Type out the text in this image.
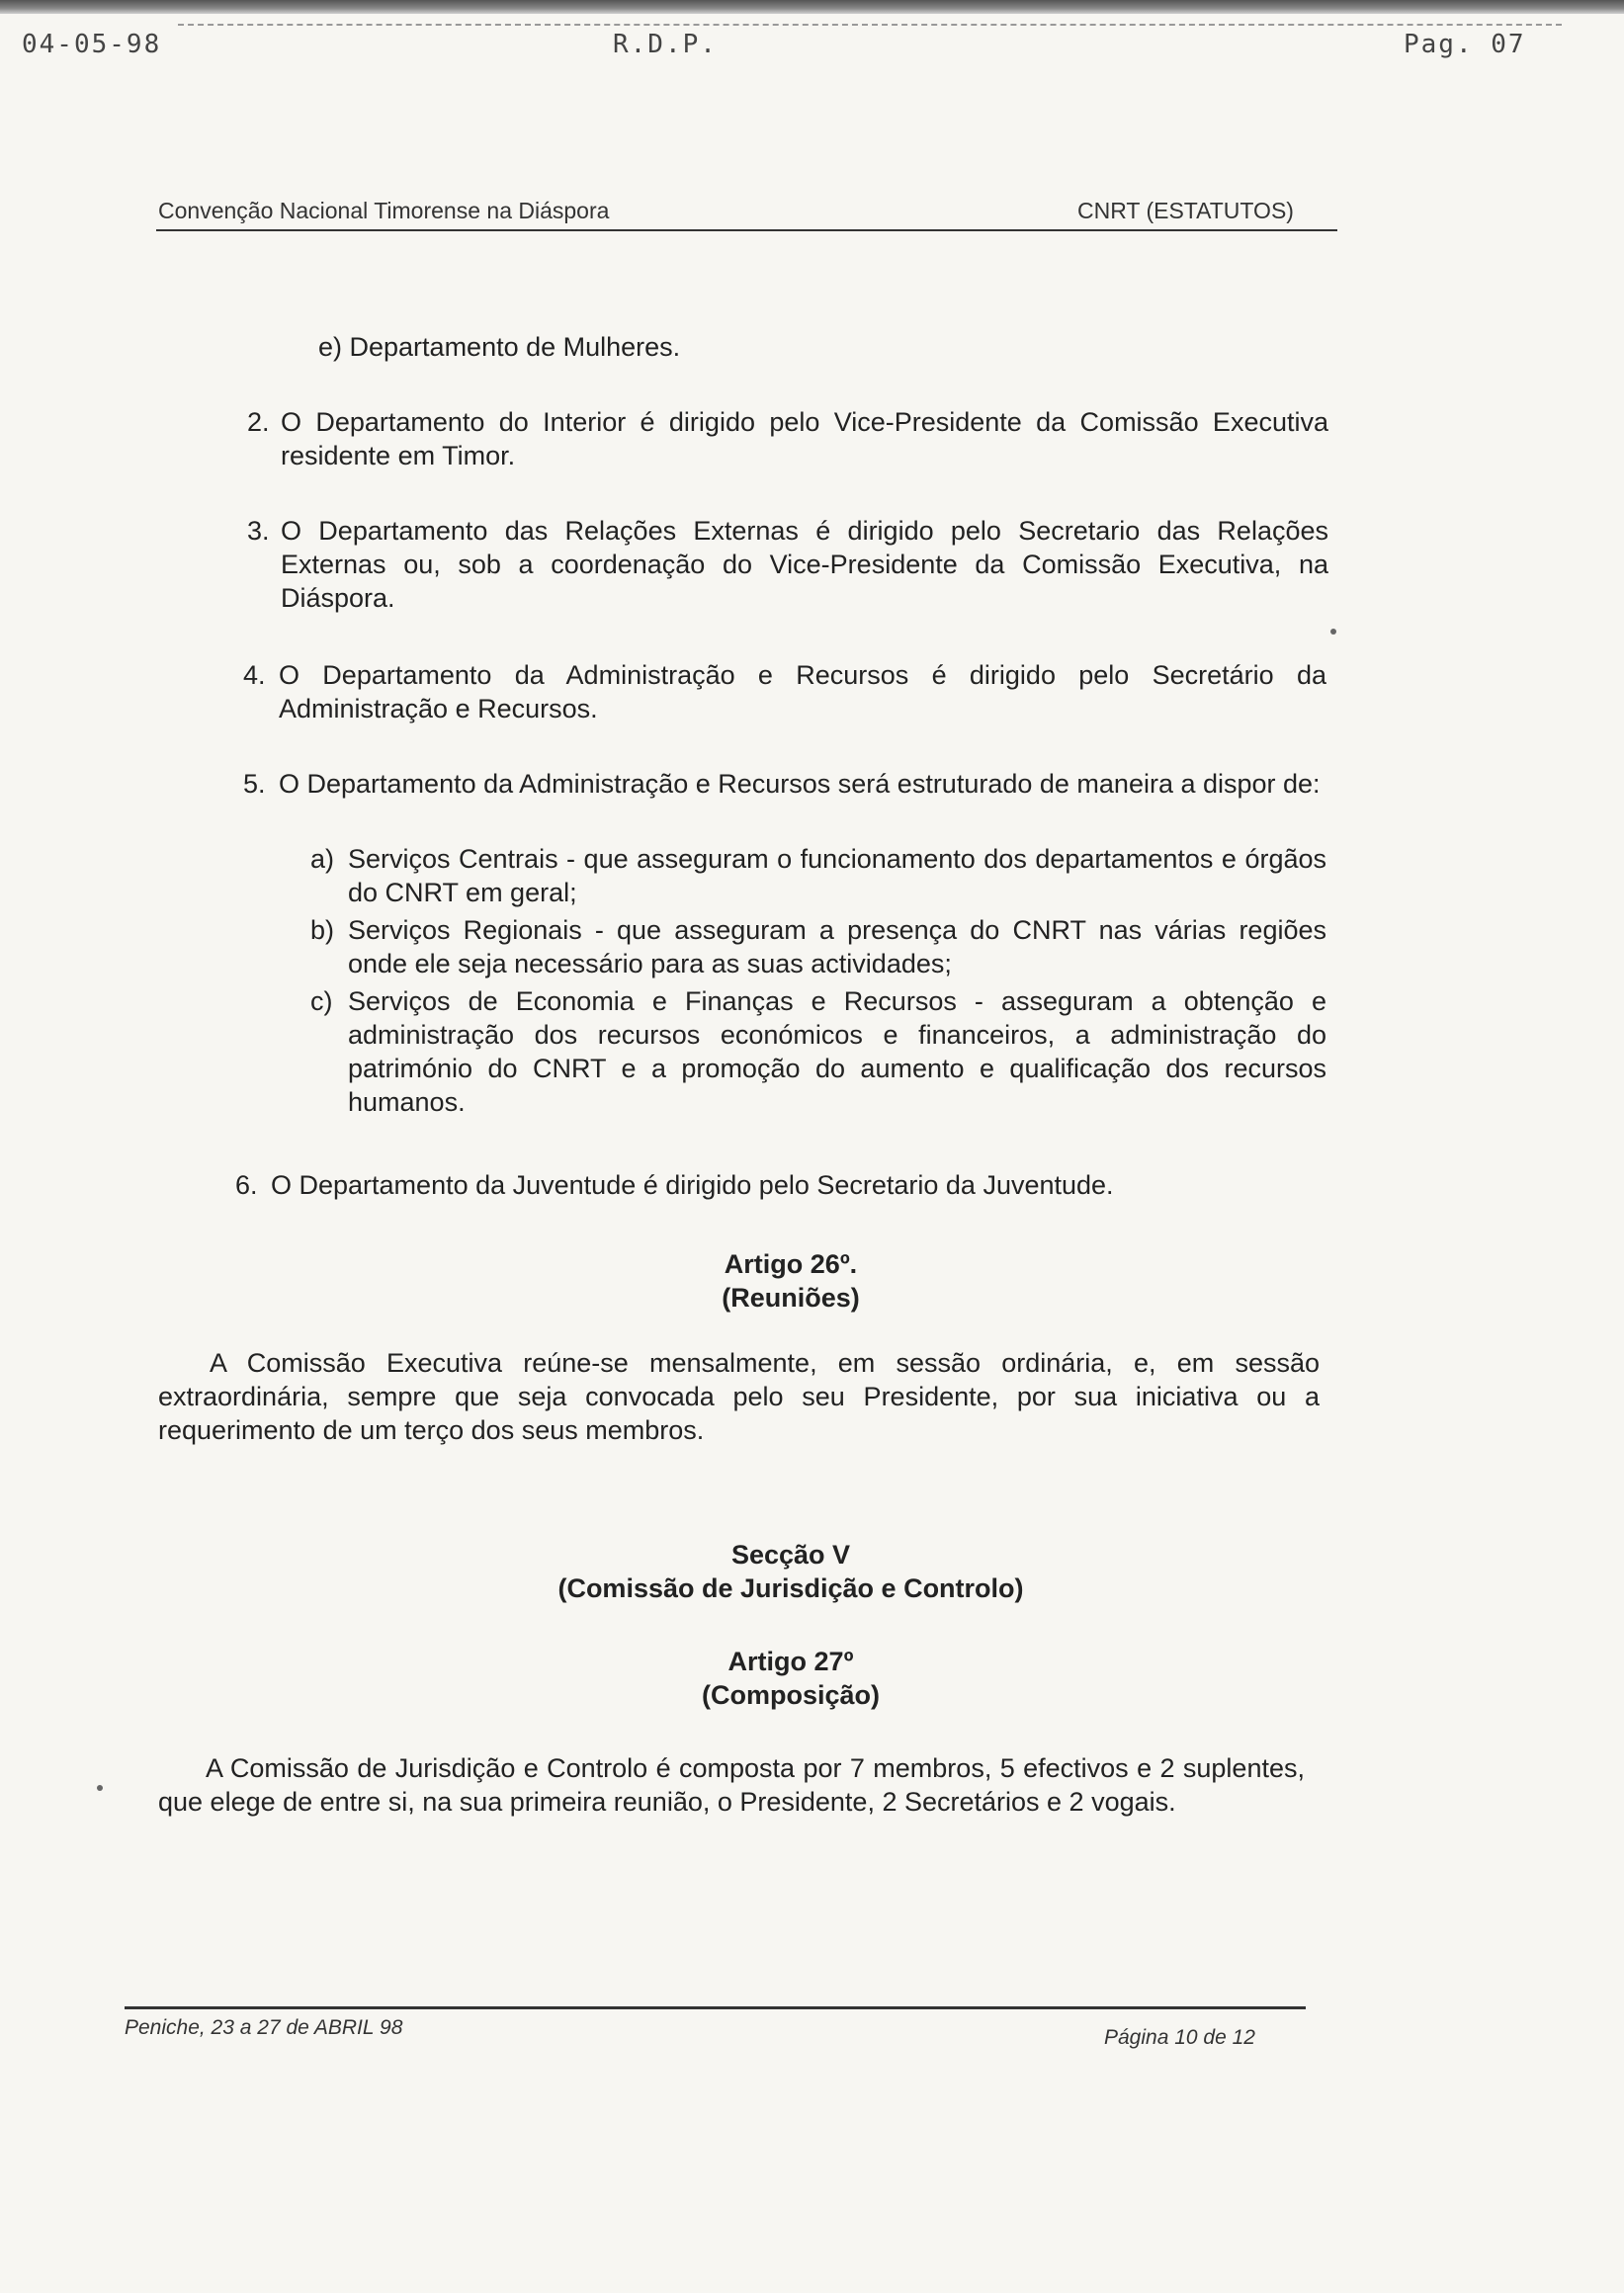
04-05-98	R.D.P.	Pag. 07
Convenção Nacional Timorense na Diáspora	CNRT (ESTATUTOS)
e) Departamento de Mulheres.
2. O Departamento do Interior é dirigido pelo Vice-Presidente da Comissão Executiva residente em Timor.
3. O Departamento das Relações Externas é dirigido pelo Secretario das Relações Externas ou, sob a coordenação do Vice-Presidente da Comissão Executiva, na Diáspora.
4. O Departamento da Administração e Recursos é dirigido pelo Secretário da Administração e Recursos.
5. O Departamento da Administração e Recursos será estruturado de maneira a dispor de:
a) Serviços Centrais - que asseguram o funcionamento dos departamentos e órgãos do CNRT em geral;
b) Serviços Regionais - que asseguram a presença do CNRT nas várias regiões onde ele seja necessário para as suas actividades;
c) Serviços de Economia e Finanças e Recursos - asseguram a obtenção e administração dos recursos económicos e financeiros, a administração do património do CNRT e a promoção do aumento e qualificação dos recursos humanos.
6. O Departamento da Juventude é dirigido pelo Secretario da Juventude.
Artigo 26º.
(Reuniões)
A Comissão Executiva reúne-se mensalmente, em sessão ordinária, e, em sessão extraordinária, sempre que seja convocada pelo seu Presidente, por sua iniciativa ou a requerimento de um terço dos seus membros.
Secção V
(Comissão de Jurisdição e Controlo)
Artigo 27º
(Composição)
A Comissão de Jurisdição e Controlo é composta por 7 membros, 5 efectivos e 2 suplentes, que elege de entre si, na sua primeira reunião, o Presidente, 2 Secretários e 2 vogais.
Peniche, 23 a 27 de ABRIL 98	Página 10 de 12
